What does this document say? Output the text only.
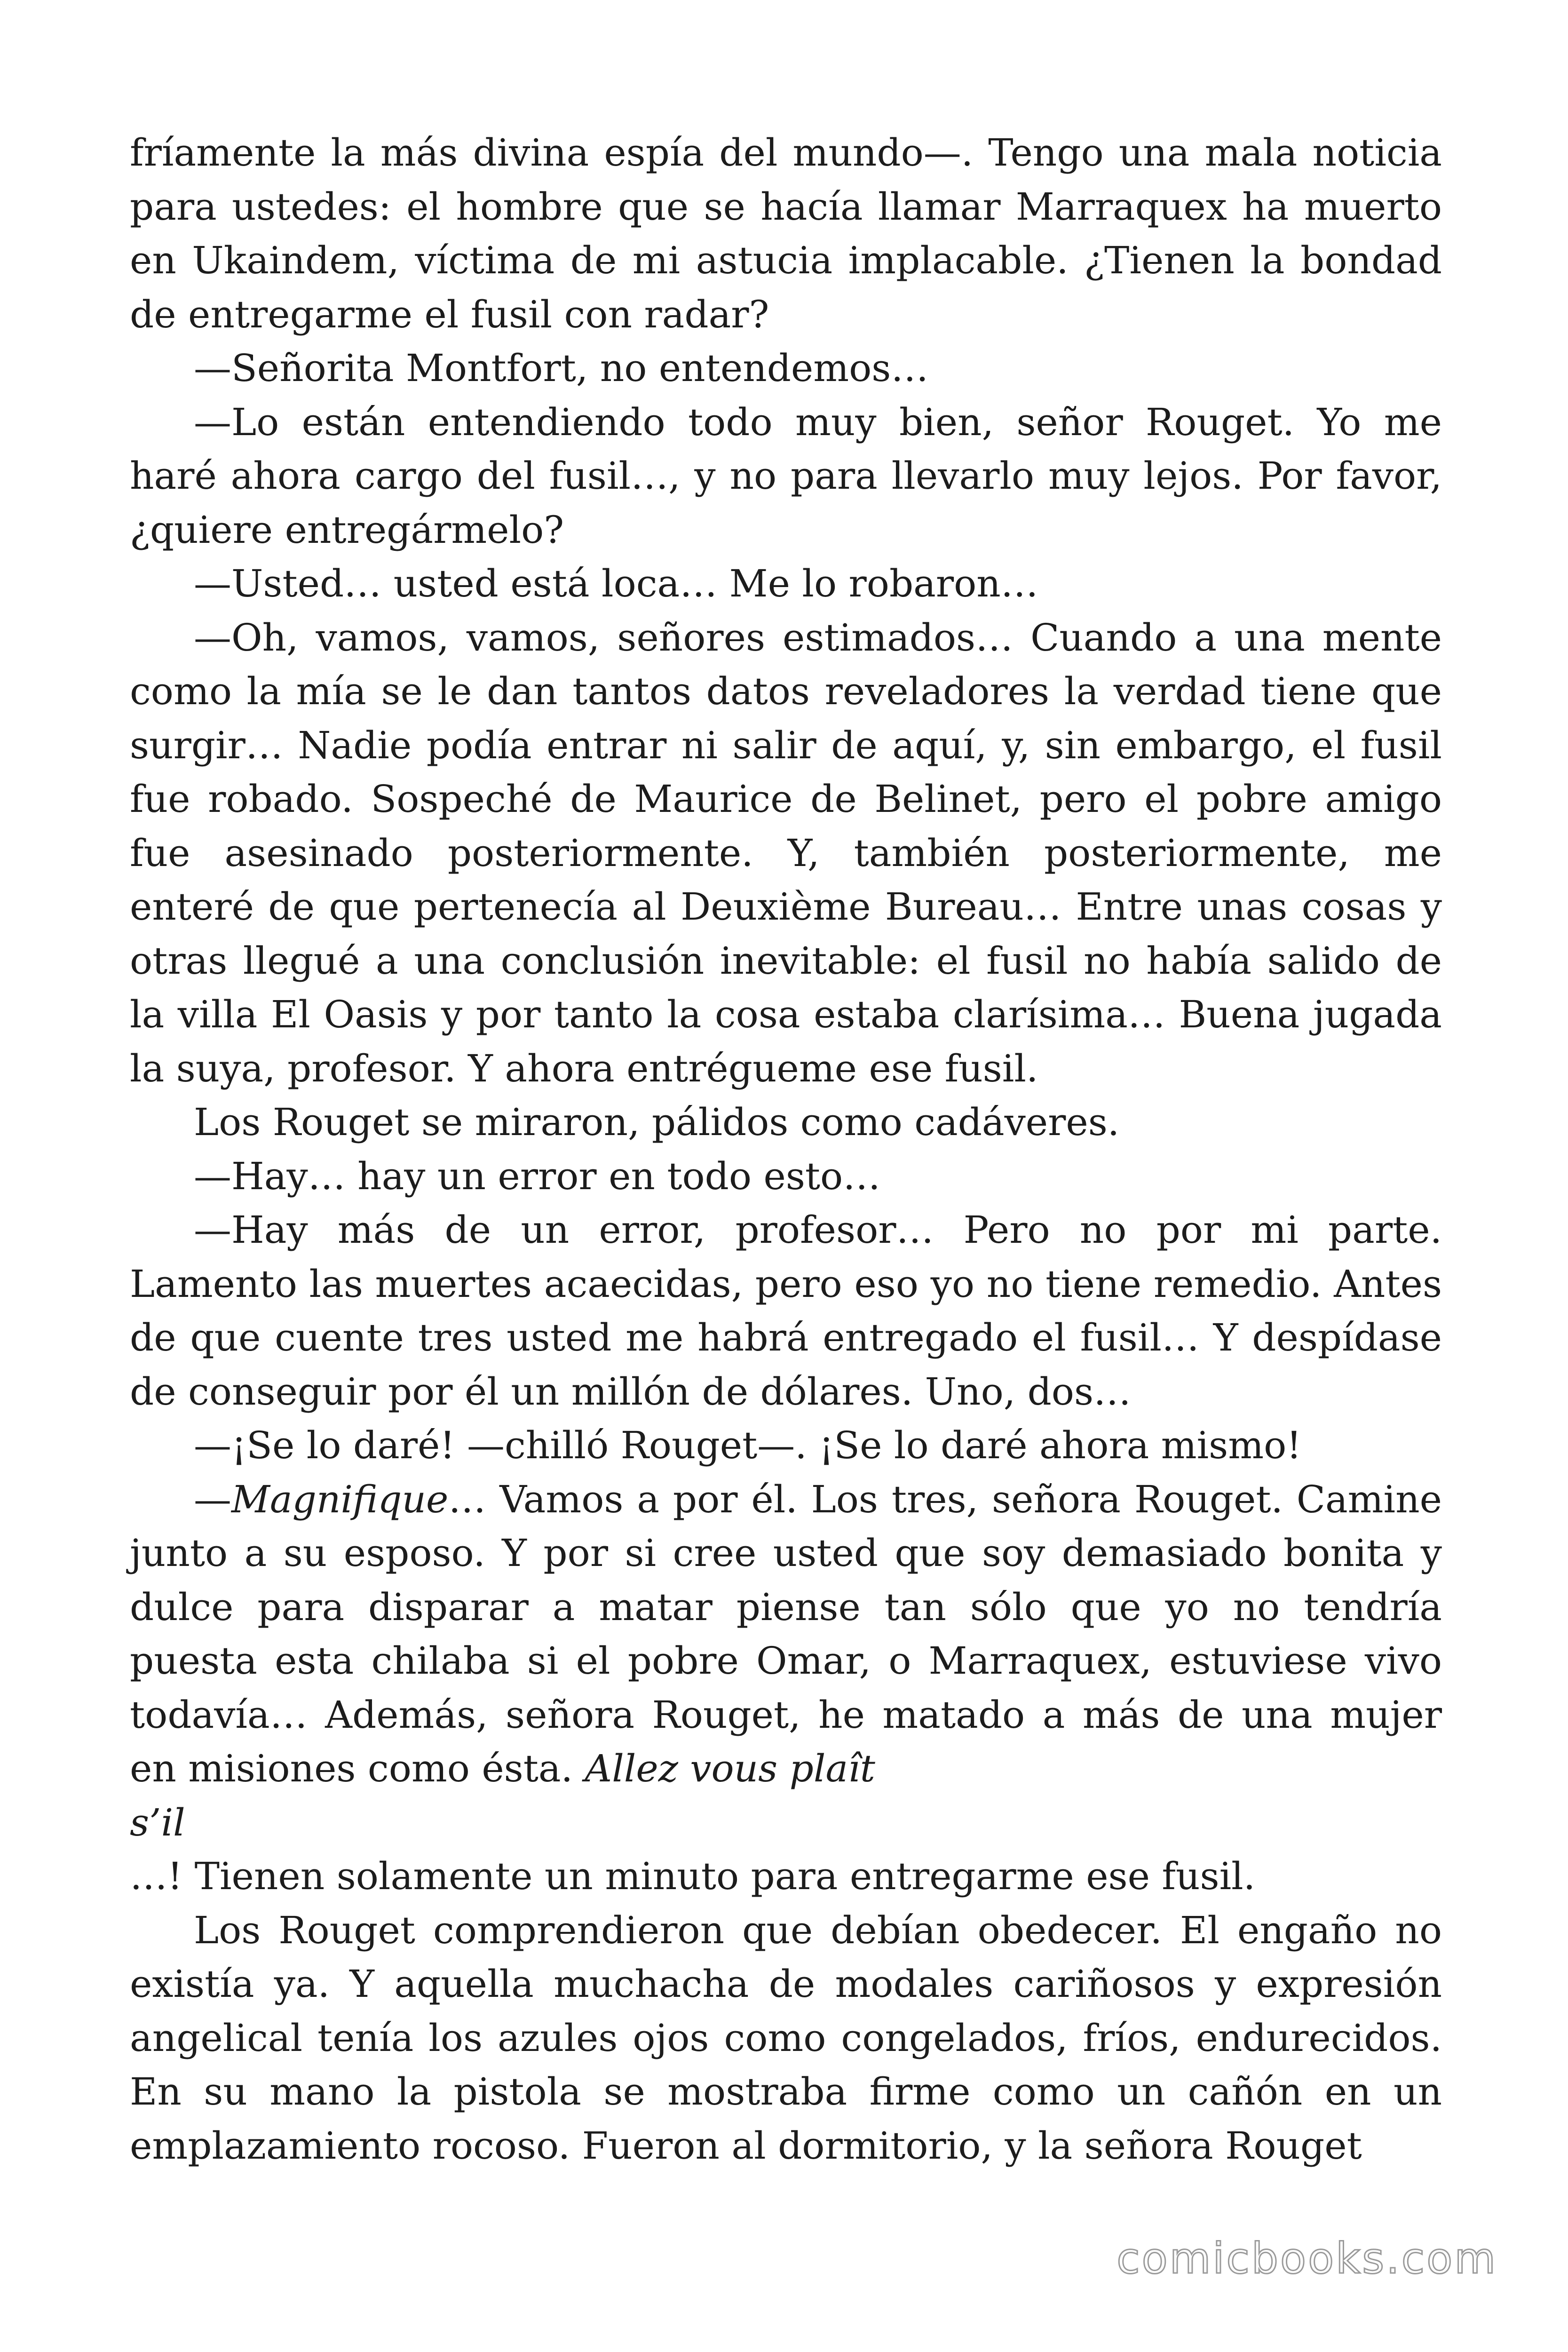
fríamente la más divina espía del mundo—. Tengo una mala noticia para ustedes: el hombre que se hacía llamar Marraquex ha muerto en Ukaindem, víctima de mi astucia implacable. ¿Tienen la bondad de entregarme el fusil con radar?

—Señorita Montfort, no entendemos…

—Lo están entendiendo todo muy bien, señor Rouget. Yo me haré ahora cargo del fusil…, y no para llevarlo muy lejos. Por favor, ¿quiere entregármelo?

—Usted… usted está loca… Me lo robaron…

—Oh, vamos, vamos, señores estimados… Cuando a una mente como la mía se le dan tantos datos reveladores la verdad tiene que surgir… Nadie podía entrar ni salir de aquí, y, sin embargo, el fusil fue robado. Sospeché de Maurice de Belinet, pero el pobre amigo fue asesinado posteriormente. Y, también posteriormente, me enteré de que pertenecía al Deuxième Bureau… Entre unas cosas y otras llegué a una conclusión inevitable: el fusil no había salido de la villa El Oasis y por tanto la cosa estaba clarísima… Buena jugada la suya, profesor. Y ahora entrégueme ese fusil.

Los Rouget se miraron, pálidos como cadáveres.

—Hay… hay un error en todo esto…

—Hay más de un error, profesor… Pero no por mi parte. Lamento las muertes acaecidas, pero eso yo no tiene remedio. Antes de que cuente tres usted me habrá entregado el fusil… Y despídase de conseguir por él un millón de dólares. Uno, dos…

—¡Se lo daré! —chilló Rouget—. ¡Se lo daré ahora mismo!

—Magnifique… Vamos a por él. Los tres, señora Rouget. Camine junto a su esposo. Y por si cree usted que soy demasiado bonita y dulce para disparar a matar piense tan sólo que yo no tendría puesta esta chilaba si el pobre Omar, o Marraquex, estuviese vivo todavía… Además, señora Rouget, he matado a más de una mujer en misiones como ésta. Allez vous plaît

s’il

…! Tienen solamente un minuto para entregarme ese fusil.

Los Rouget comprendieron que debían obedecer. El engaño no existía ya. Y aquella muchacha de modales cariñosos y expresión angelical tenía los azules ojos como congelados, fríos, endurecidos. En su mano la pistola se mostraba firme como un cañón en un emplazamiento rocoso. Fueron al dormitorio, y la señora Rouget

comicbooks.com
